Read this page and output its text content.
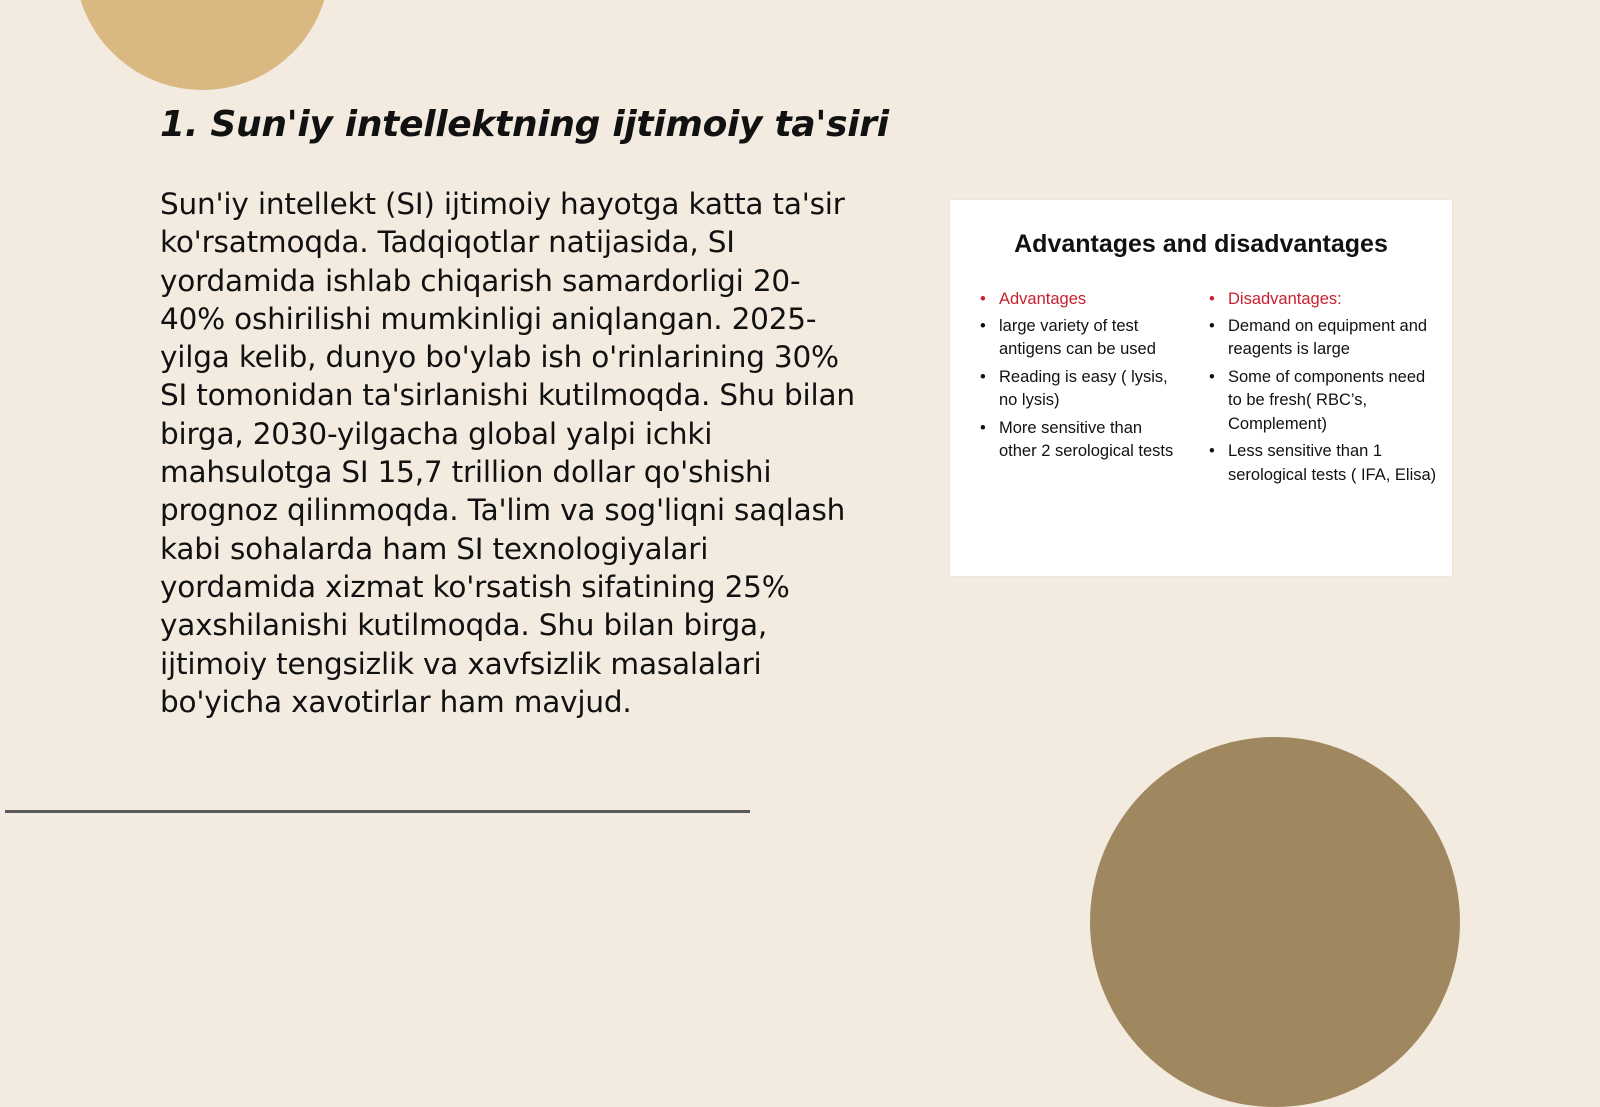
1. Sun'iy intellektning ijtimoiy ta'siri

Sun'iy intellekt (SI) ijtimoiy hayotga katta ta'sir ko'rsatmoqda. Tadqiqotlar natijasida, SI yordamida ishlab chiqarish samardorligi 20-40% oshirilishi mumkinligi aniqlangan. 2025-yilga kelib, dunyo bo'ylab ish o'rinlarining 30% SI tomonidan ta'sirlanishi kutilmoqda. Shu bilan birga, 2030-yilgacha global yalpi ichki mahsulotga SI 15,7 trillion dollar qo'shishi prognoz qilinmoqda. Ta'lim va sog'liqni saqlash kabi sohalarda ham SI texnologiyalari yordamida xizmat ko'rsatish sifatining 25% yaxshilanishi kutilmoqda. Shu bilan birga, ijtimoiy tengsizlik va xavfsizlik masalalari bo'yicha xavotirlar ham mavjud.

Advantages and disadvantages
• Advantages
• large variety of test antigens can be used
• Reading is easy ( lysis, no lysis)
• More sensitive than other 2 serological tests
• Disadvantages:
• Demand on equipment and reagents is large
• Some of components need to be fresh( RBC’s, Complement)
• Less sensitive than 1 serological tests ( IFA, Elisa)
